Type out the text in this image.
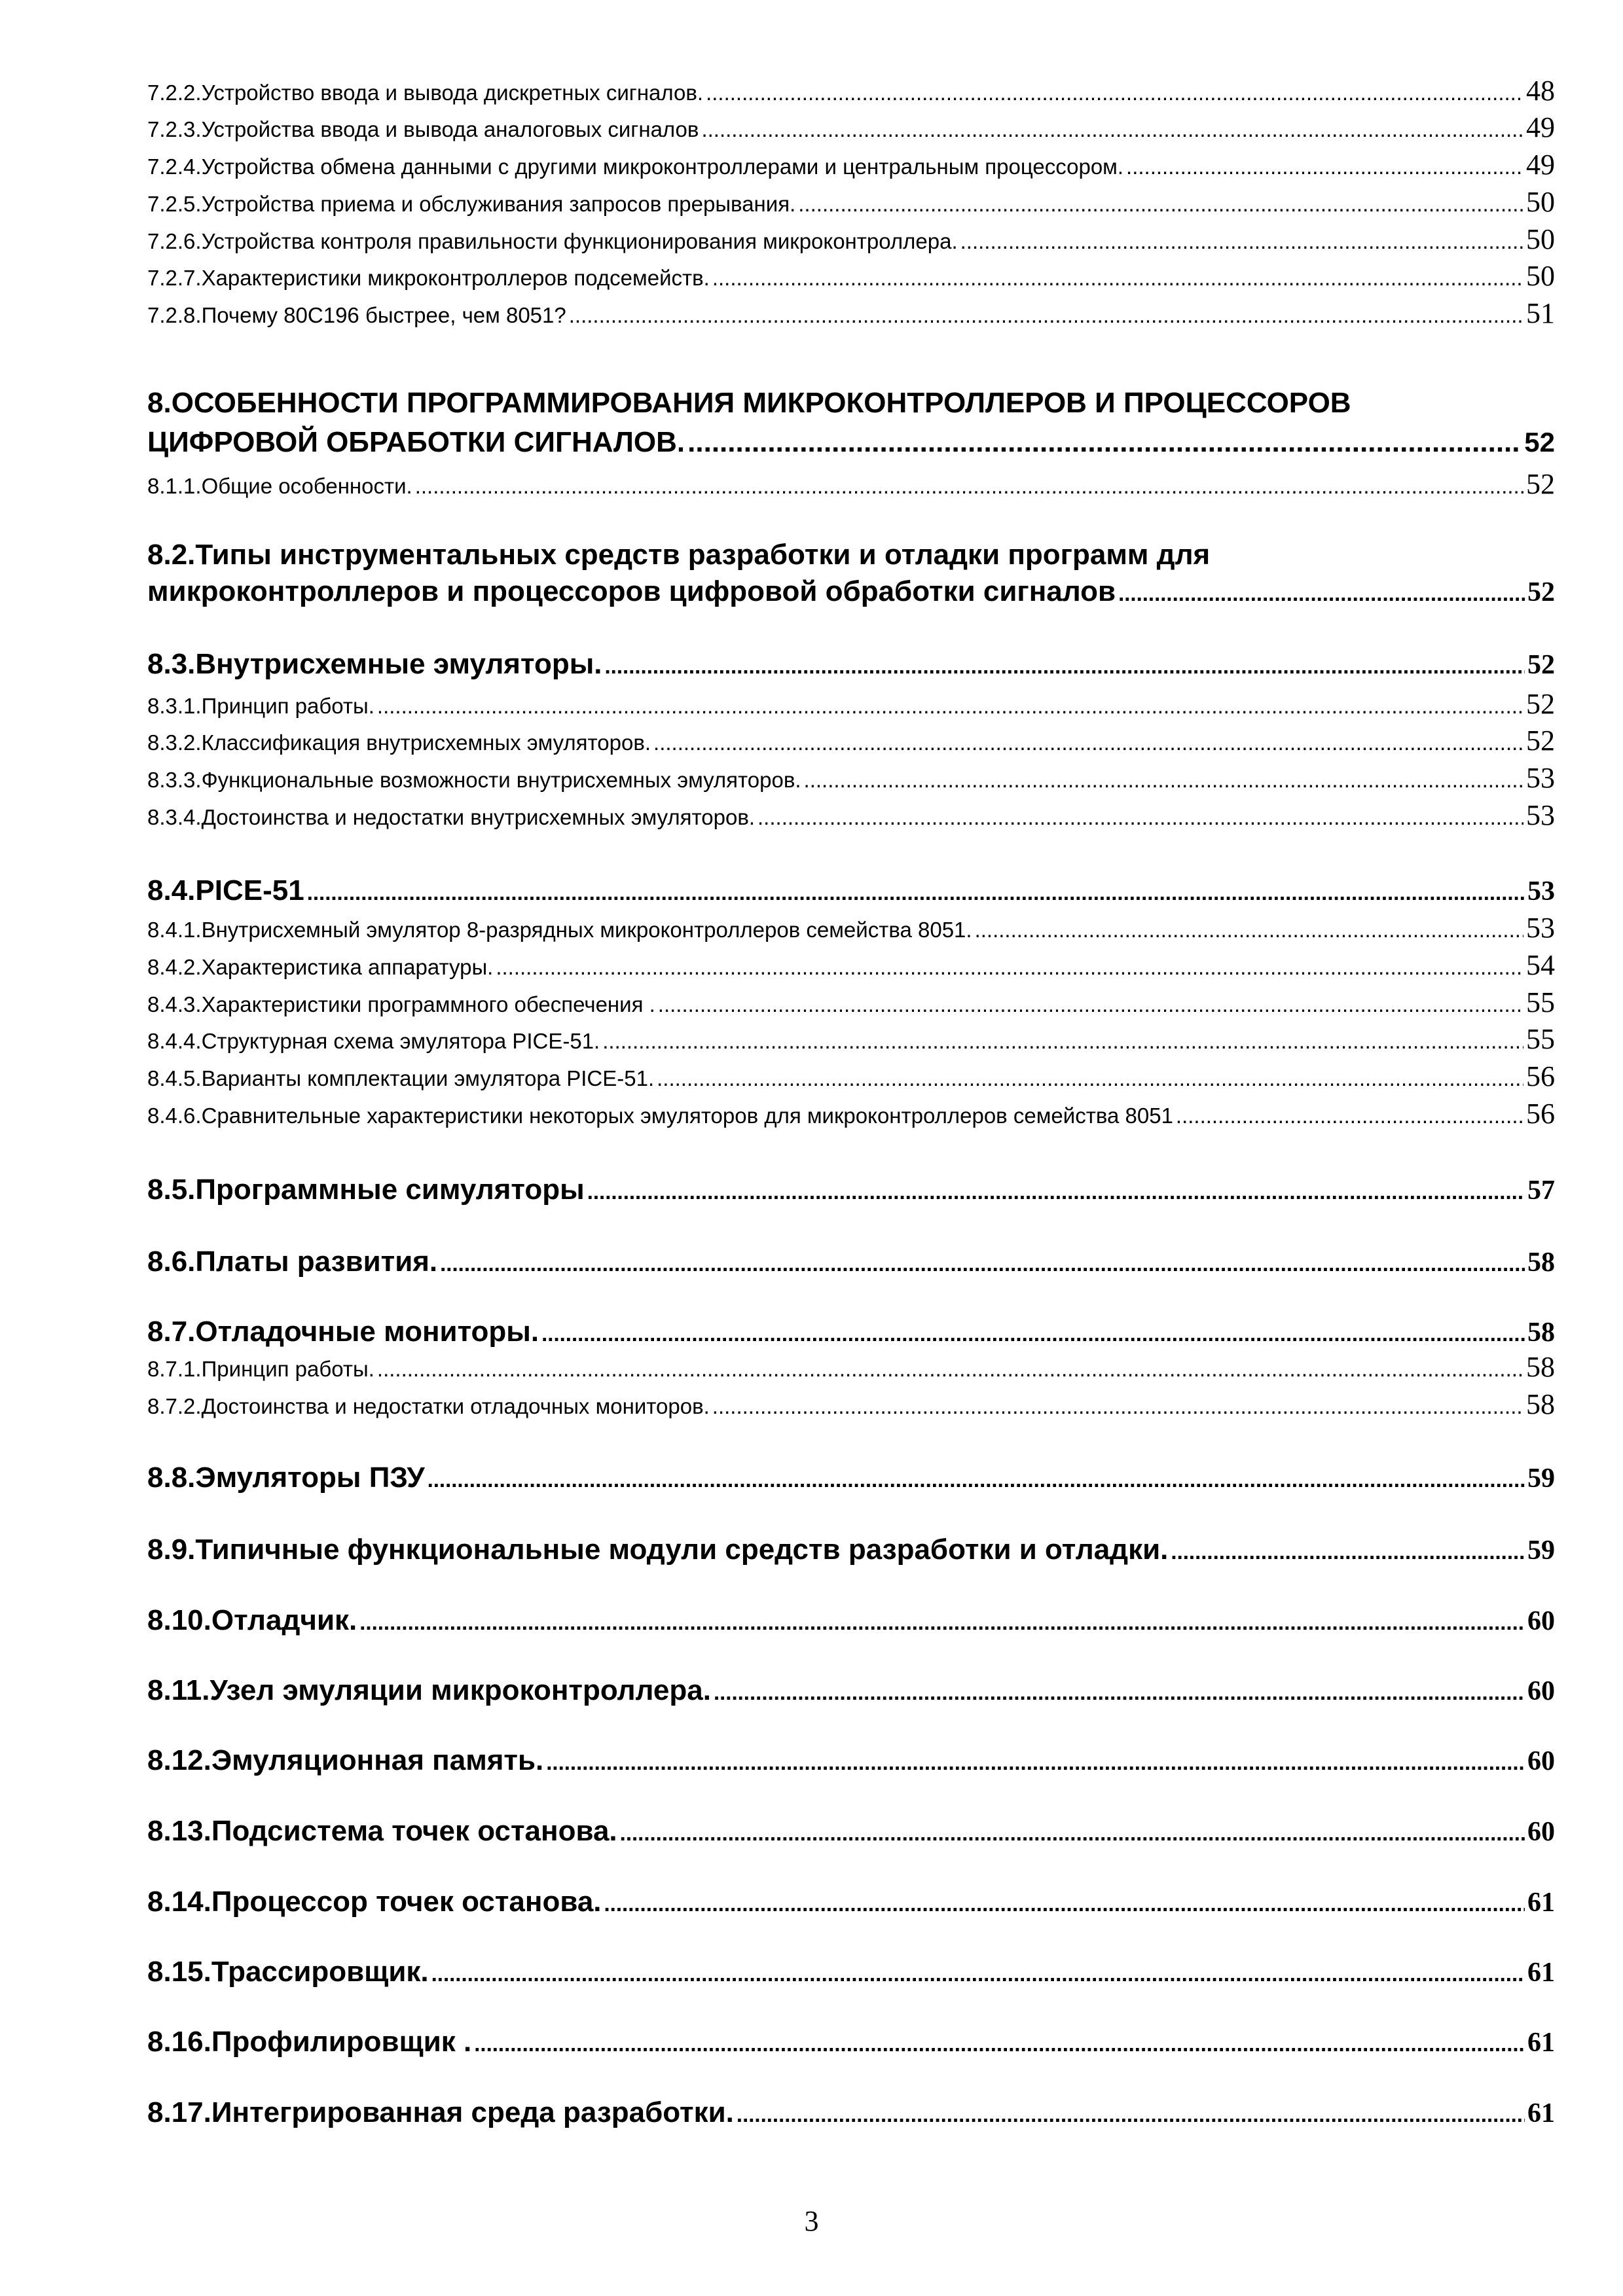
7.2.2.Устройство ввода и вывода дискретных сигналов. .....	48
7.2.3.Устройства ввода и вывода аналоговых сигналов .....	49
7.2.4.Устройства обмена данными с другими микроконтроллерами и центральным процессором. .....	49
7.2.5.Устройства приема и обслуживания запросов прерывания. .....	50
7.2.6.Устройства контроля правильности функционирования микроконтроллера. .....	50
7.2.7.Характеристики микроконтроллеров подсемейств. .....	50
7.2.8.Почему 80С196 быстрее, чем 8051? .....	51
8.ОСОБЕННОСТИ ПРОГРАММИРОВАНИЯ МИКРОКОНТРОЛЛЕРОВ И ПРОЦЕССОРОВ
ЦИФРОВОЙ ОБРАБОТКИ СИГНАЛОВ. .....	52
8.1.1.Общие особенности. .....	52
8.2.Типы инструментальных средств разработки и отладки программ для
микроконтроллеров и процессоров цифровой обработки сигналов .....	52
8.3.Внутрисхемные эмуляторы. .....	52
8.3.1.Принцип работы. .....	52
8.3.2.Классификация внутрисхемных эмуляторов. .....	52
8.3.3.Функциональные возможности внутрисхемных эмуляторов. .....	53
8.3.4.Достоинства и недостатки внутрисхемных эмуляторов. .....	53
8.4.PICE-51 .....	53
8.4.1.Внутрисхемный эмулятор 8-разрядных микроконтроллеров семейства 8051. .....	53
8.4.2.Характеристика аппаратуры. .....	54
8.4.3.Характеристики программного обеспечения . .....	55
8.4.4.Структурная схема эмулятора PICE-51. .....	55
8.4.5.Варианты комплектации эмулятора PICE-51. .....	56
8.4.6.Сравнительные характеристики некоторых эмуляторов для микроконтроллеров семейства 8051 .....	56
8.5.Программные симуляторы .....	57
8.6.Платы развития. .....	58
8.7.Отладочные мониторы. .....	58
8.7.1.Принцип работы. .....	58
8.7.2.Достоинства и недостатки отладочных мониторов. .....	58
8.8.Эмуляторы ПЗУ .....	59
8.9.Типичные функциональные модули средств разработки и отладки. .....	59
8.10.Отладчик. .....	60
8.11.Узел эмуляции микроконтроллера. .....	60
8.12.Эмуляционная память. .....	60
8.13.Подсистема точек останова. .....	60
8.14.Процессор точек останова. .....	61
8.15.Трассировщик. .....	61
8.16.Профилировщик . .....	61
8.17.Интегрированная среда разработки. .....	61
3
